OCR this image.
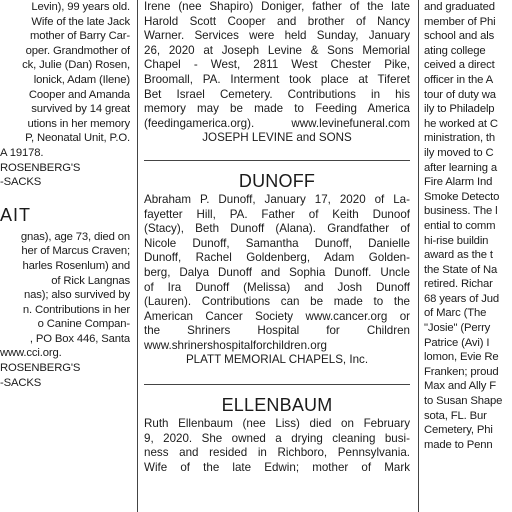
Levin), 99 years old.
Wife of the late Jack
mother of Barry Car-
oper. Grandmother of
ck, Julie (Dan) Rosen,
lonick, Adam (Ilene)
Cooper and Amanda
survived by 14 great
utions in her memory
P, Neonatal Unit, P.O.
A 19178.
ROSENBERG'S
-SACKS
AIT
gnas), age 73, died on
her of Marcus Craven;
harles Rosenlum) and
of Rick Langnas
nas); also survived by
n. Contributions in her
o Canine Compan-
, PO Box 446, Santa
www.cci.org.
ROSENBERG'S
-SACKS
Irene (nee Shapiro) Doniger, father of the late
Harold Scott Cooper and brother of Nancy
Warner. Services were held Sunday, January
26, 2020 at Joseph Levine & Sons Memorial
Chapel - West, 2811 West Chester Pike,
Broomall, PA. Interment took place at Tiferet
Bet Israel Cemetery. Contributions in his
memory may be made to Feeding America
(feedingamerica.org). www.levinefuneral.com
JOSEPH LEVINE and SONS
DUNOFF
Abraham P. Dunoff, January 17, 2020 of La-
fayetter Hill, PA. Father of Keith Dunoof
(Stacy), Beth Dunoff (Alana). Grandfather of
Nicole Dunoff, Samantha Dunoff, Danielle
Dunoff, Rachel Goldenberg, Adam Golden-
berg, Dalya Dunoff and Sophia Dunoff. Uncle
of Ira Dunoff (Melissa) and Josh Dunoff
(Lauren). Contributions can be made to the
American Cancer Society www.cancer.org or
the Shriners Hospital for Children
www.shrinershospitalforchildren.org
PLATT MEMORIAL CHAPELS, Inc.
ELLENBAUM
Ruth Ellenbaum (nee Liss) died on February
9, 2020. She owned a drying cleaning busi-
ness and resided in Richboro, Pennsylvania.
Wife of the late Edwin; mother of Mark
and graduated
member of Phi
school and als
ating college
ceived a direct
officer in the A
tour of duty wa
ily to Philadelp
he worked at C
ministration, th
ily moved to C
after learning a
Fire Alarm Ind
Smoke Detecto
business. The l
ential to comm
hi-rise buildin
award as the t
the State of Na
retired. Richar
68 years of Jud
of Marc (The
"Josie" (Perry
Patrice (Avi) I
lomon, Evie Re
Franken; proud
Max and Ally F
to Susan Shape
sota, FL. Bur
Cemetery, Phi
made to Penn
